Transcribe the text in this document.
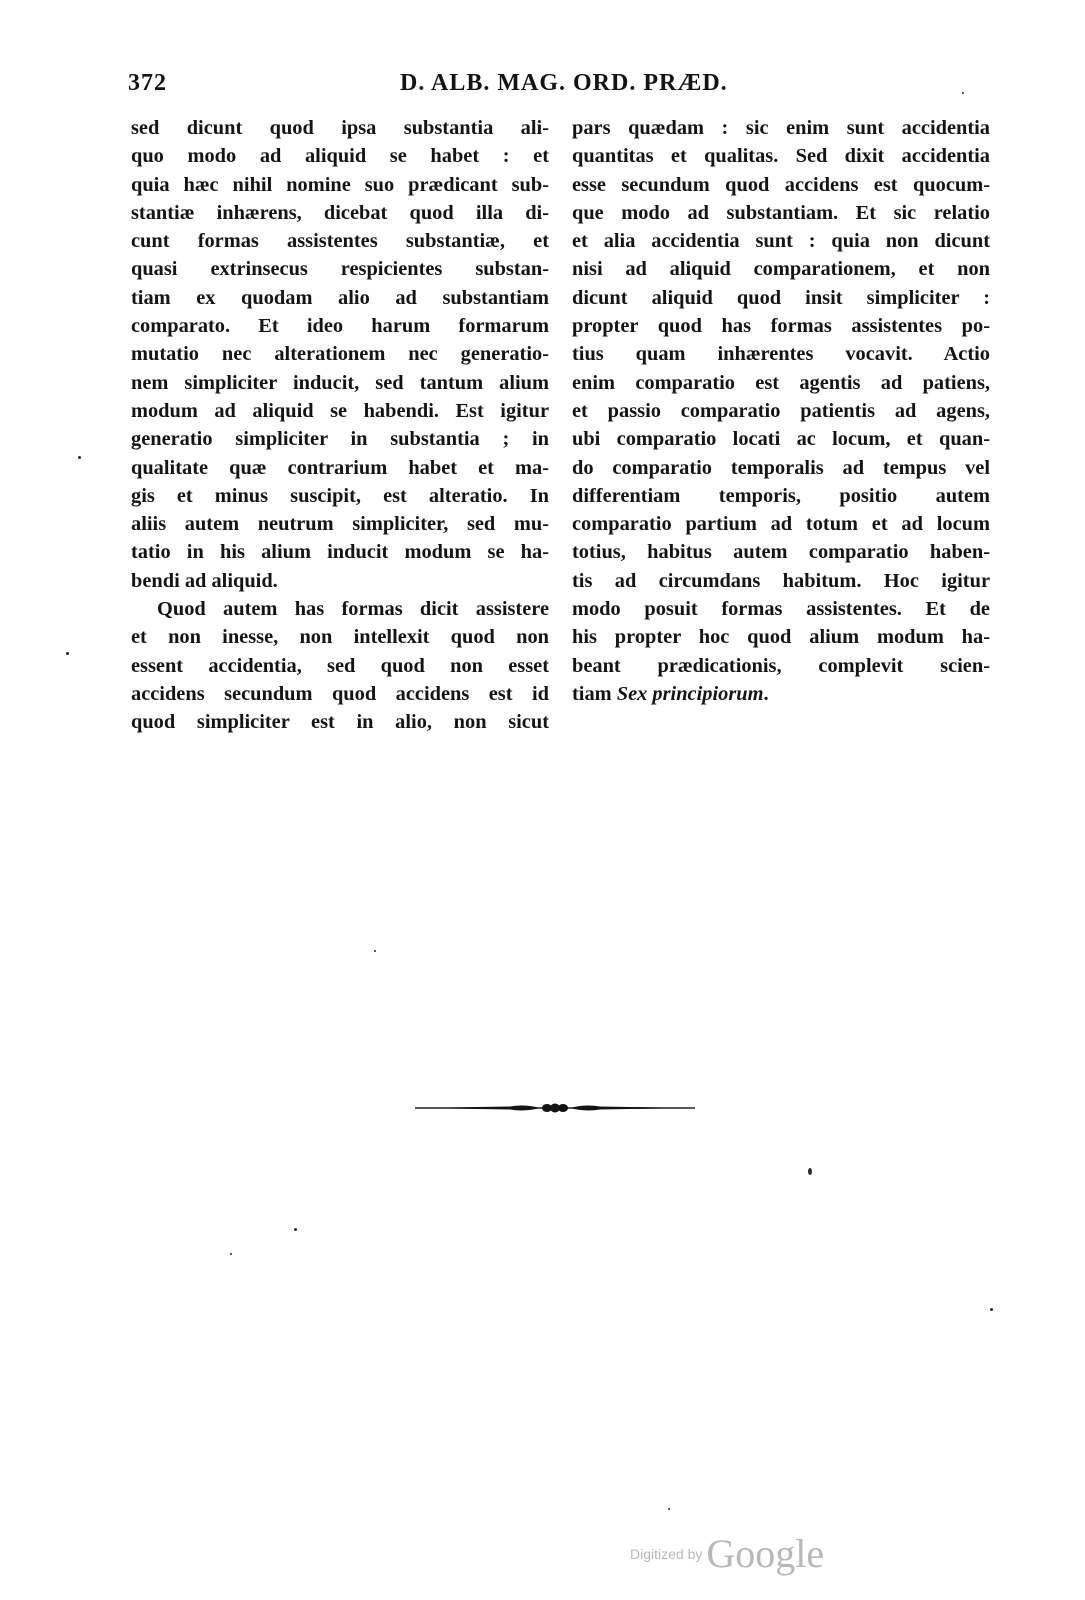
372	D. ALB. MAG. ORD. PRÆD.
sed dicunt quod ipsa substantia ali-
quo modo ad aliquid se habet : et
quia hæc nihil nomine suo prædicant sub-
stantiæ inhærens, dicebat quod illa di-
cunt formas assistentes substantiæ, et
quasi extrinsecus respicientes substan-
tiam ex quodam alio ad substantiam
comparato. Et ideo harum formarum
mutatio nec alterationem nec generatio-
nem simpliciter inducit, sed tantum alium
modum ad aliquid se habendi. Est igitur
generatio simpliciter in substantia ; in
qualitate quæ contrarium habet et ma-
gis et minus suscipit, est alteratio. In
aliis autem neutrum simpliciter, sed mu-
tatio in his alium inducit modum se ha-
bendi ad aliquid.
Quod autem has formas dicit assistere
et non inesse, non intellexit quod non
essent accidentia, sed quod non esset
accidens secundum quod accidens est id
quod simpliciter est in alio, non sicut
pars quædam : sic enim sunt accidentia
quantitas et qualitas. Sed dixit accidentia
esse secundum quod accidens est quocum-
que modo ad substantiam. Et sic relatio
et alia accidentia sunt : quia non dicunt
nisi ad aliquid comparationem, et non
dicunt aliquid quod insit simpliciter :
propter quod has formas assistentes po-
tius quam inhærentes vocavit. Actio
enim comparatio est agentis ad patiens,
et passio comparatio patientis ad agens,
ubi comparatio locati ac locum, et quan-
do comparatio temporalis ad tempus vel
differentiam temporis, positio autem
comparatio partium ad totum et ad locum
totius, habitus autem comparatio haben-
tis ad circumdans habitum. Hoc igitur
modo posuit formas assistentes. Et de
his propter hoc quod alium modum ha-
beant prædicationis, complevit scien-
tiam Sex principiorum.
Digitized by Google
